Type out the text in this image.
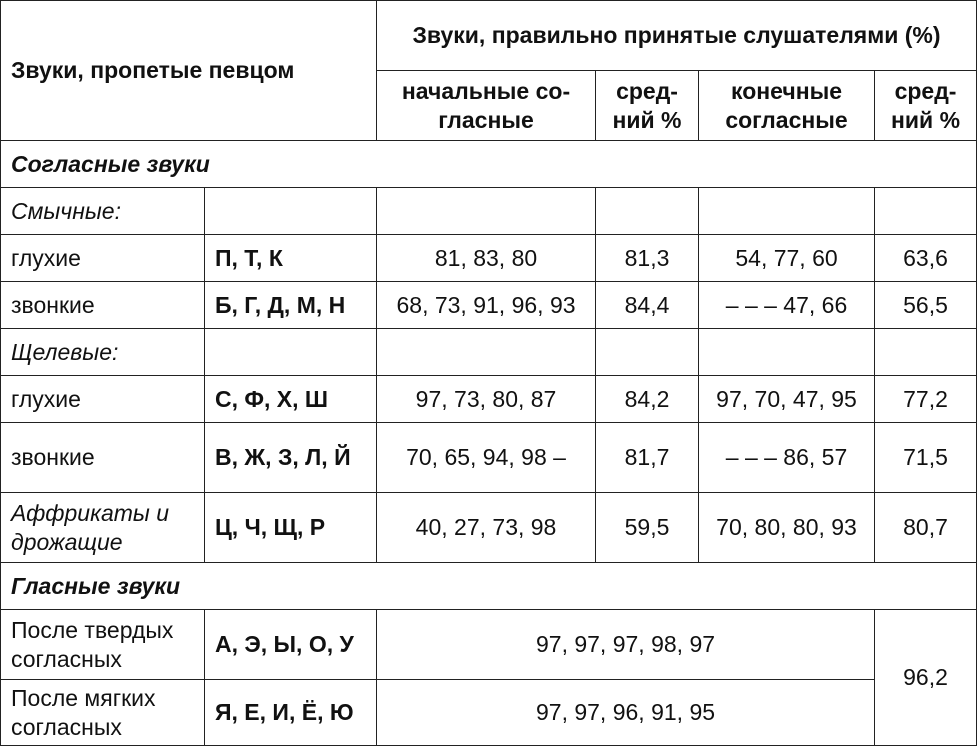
Звуки, пропетые певцом		Звуки, правильно принятые слушателями (%)			
		начальные со-гласные	сред-ний %	конечные согласные	сред-ний %
Согласные звуки					
Смычные:					
глухие	П, Т, К	81, 83, 80	81,3	54, 77, 60	63,6
звонкие	Б, Г, Д, М, Н	68, 73, 91, 96, 93	84,4	– – – 47, 66	56,5
Щелевые:					
глухие	С, Ф, Х, Ш	97, 73, 80, 87	84,2	97, 70, 47, 95	77,2
звонкие	В, Ж, З, Л, Й	70, 65, 94, 98 –	81,7	– – – 86, 57	71,5
Аффрикаты и дрожащие	Ц, Ч, Щ, Р	40, 27, 73, 98	59,5	70, 80, 80, 93	80,7
Гласные звуки					
После твердых согласных	А, Э, Ы, О, У	97, 97, 97, 98, 97			96,2
После мягких согласных	Я, Е, И, Ё, Ю	97, 97, 96, 91, 95			
